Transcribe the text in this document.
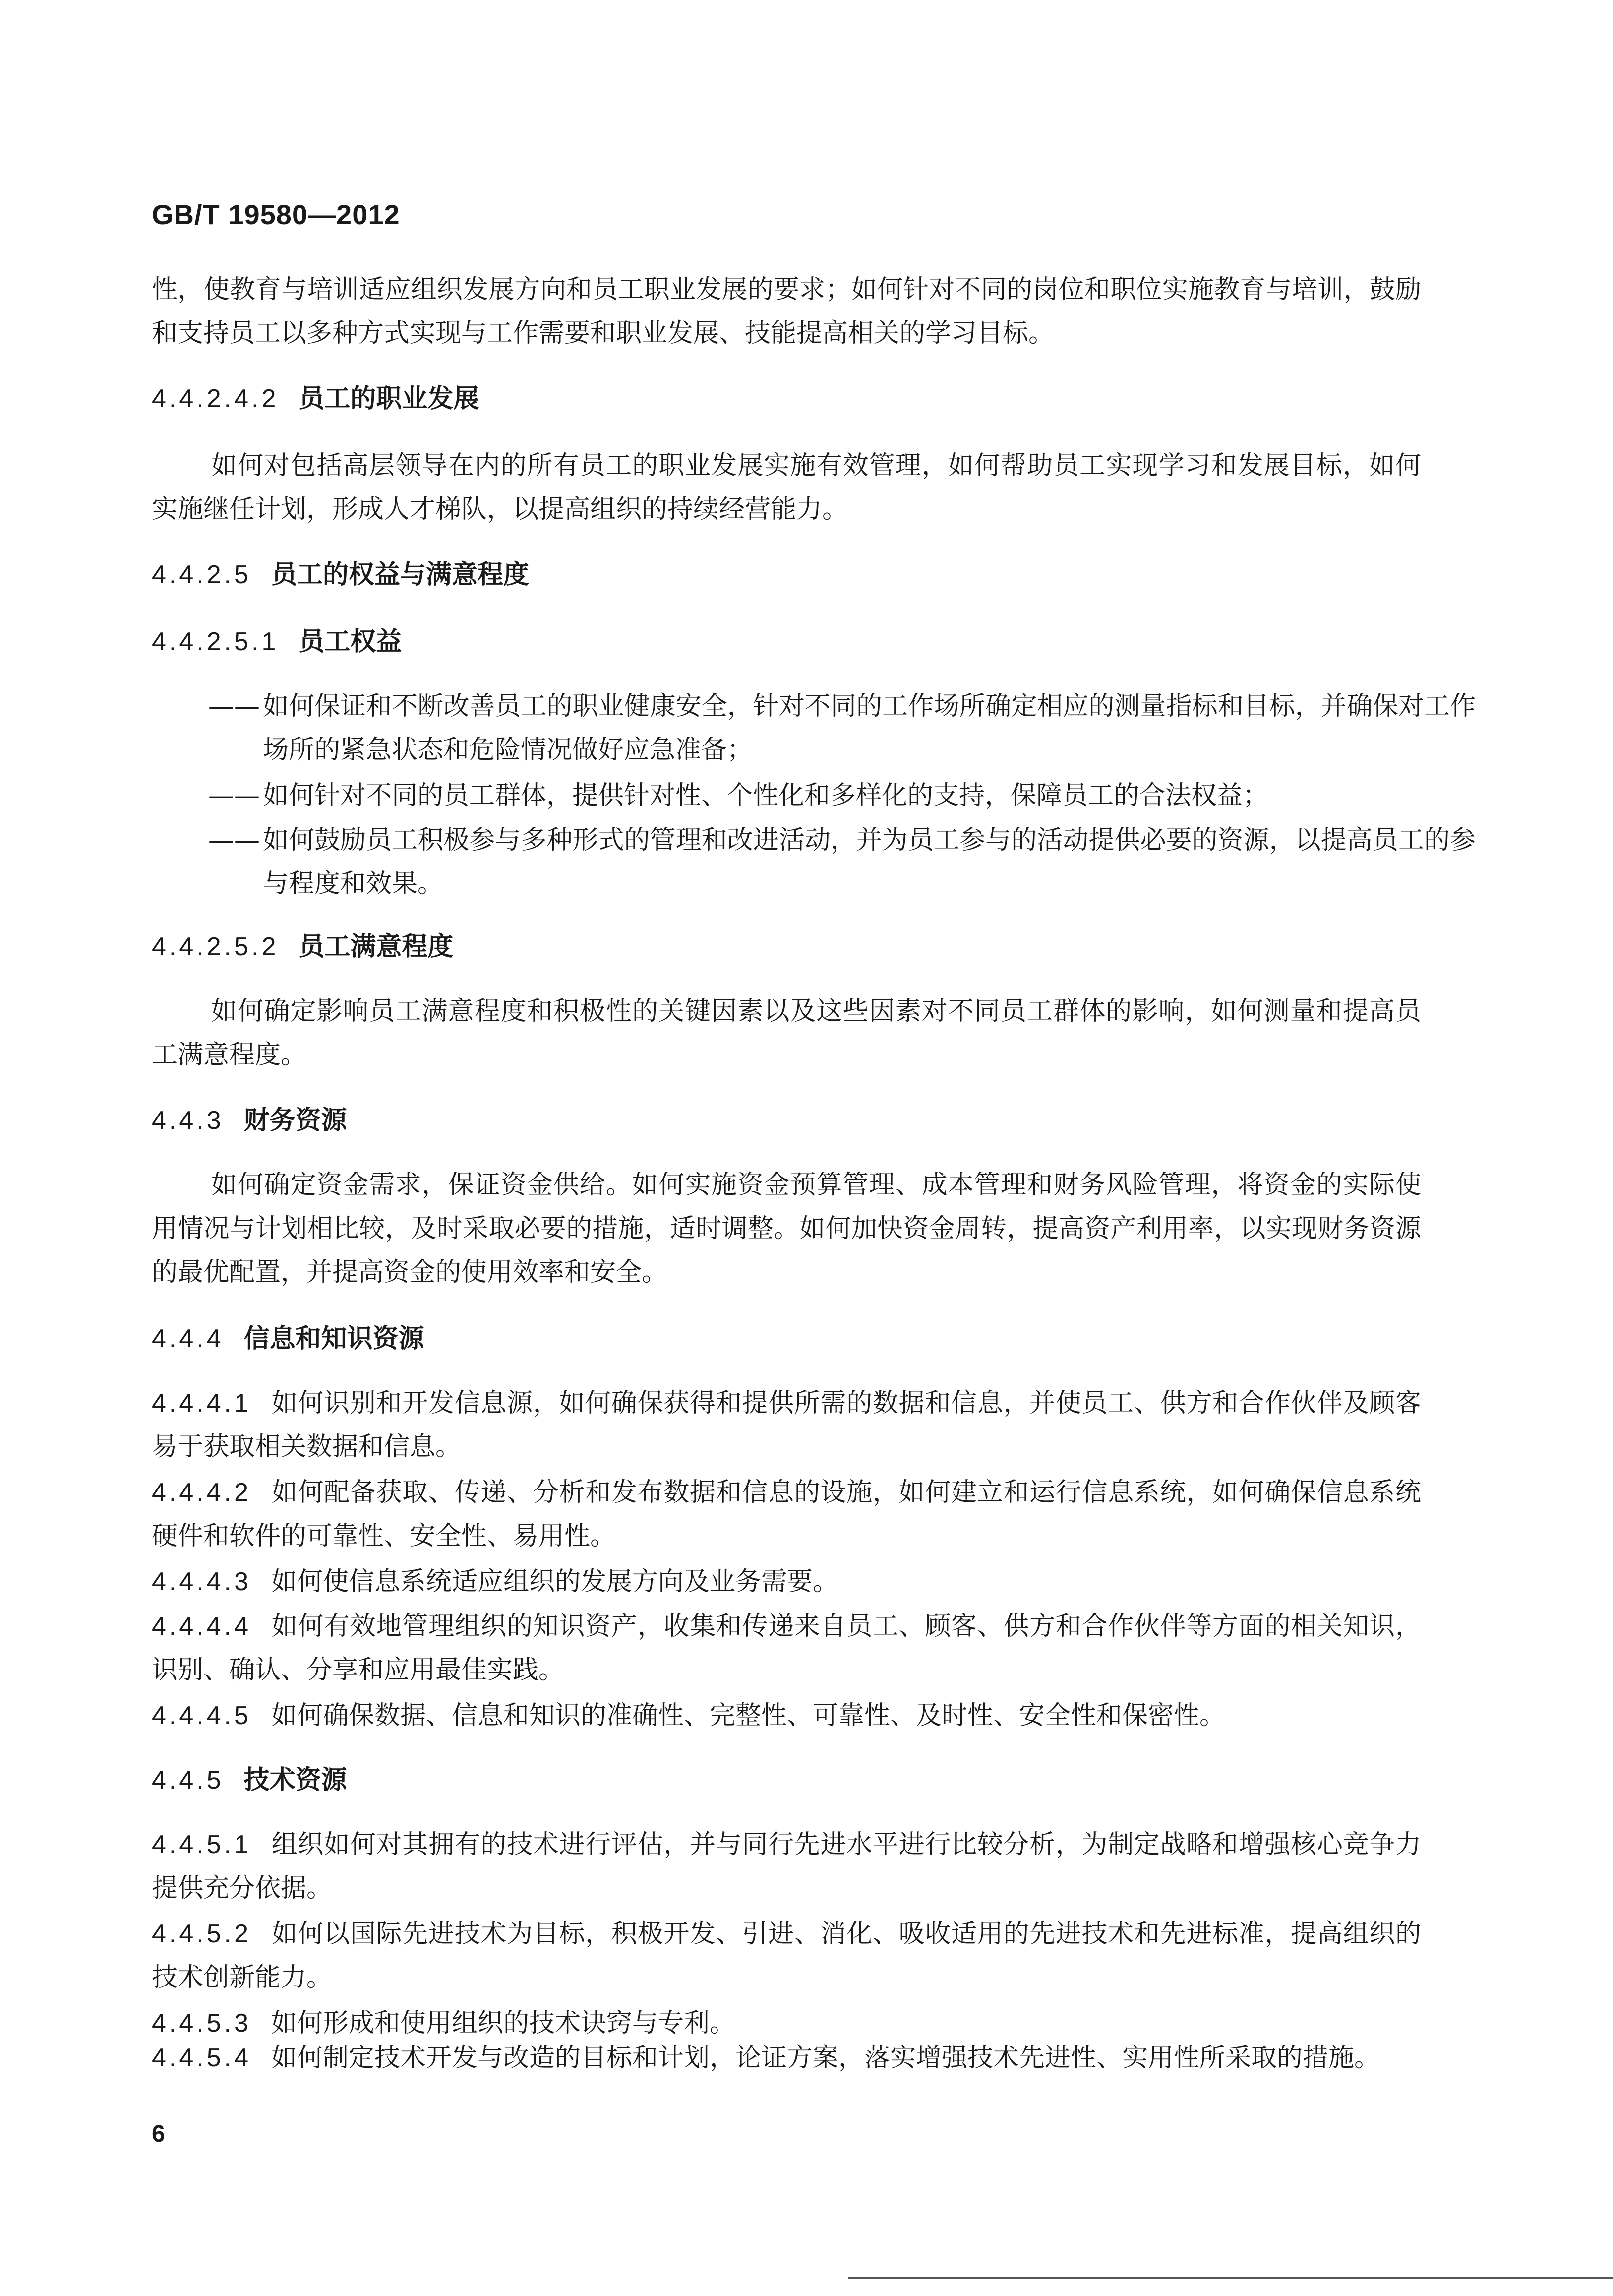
GB/T 19580—2012
性，使教育与培训适应组织发展方向和员工职业发展的要求；如何针对不同的岗位和职位实施教育与培训，鼓励和支持员工以多种方式实现与工作需要和职业发展、技能提高相关的学习目标。
4.4.2.4.2 员工的职业发展
如何对包括高层领导在内的所有员工的职业发展实施有效管理，如何帮助员工实现学习和发展目标，如何实施继任计划，形成人才梯队，以提高组织的持续经营能力。
4.4.2.5 员工的权益与满意程度
4.4.2.5.1 员工权益
—— 如何保证和不断改善员工的职业健康安全，针对不同的工作场所确定相应的测量指标和目标，并确保对工作场所的紧急状态和危险情况做好应急准备；
—— 如何针对不同的员工群体，提供针对性、个性化和多样化的支持，保障员工的合法权益；
—— 如何鼓励员工积极参与多种形式的管理和改进活动，并为员工参与的活动提供必要的资源，以提高员工的参与程度和效果。
4.4.2.5.2 员工满意程度
如何确定影响员工满意程度和积极性的关键因素以及这些因素对不同员工群体的影响，如何测量和提高员工满意程度。
4.4.3 财务资源
如何确定资金需求，保证资金供给。如何实施资金预算管理、成本管理和财务风险管理，将资金的实际使用情况与计划相比较，及时采取必要的措施，适时调整。如何加快资金周转，提高资产利用率，以实现财务资源的最优配置，并提高资金的使用效率和安全。
4.4.4 信息和知识资源
4.4.4.1 如何识别和开发信息源，如何确保获得和提供所需的数据和信息，并使员工、供方和合作伙伴及顾客易于获取相关数据和信息。
4.4.4.2 如何配备获取、传递、分析和发布数据和信息的设施，如何建立和运行信息系统，如何确保信息系统硬件和软件的可靠性、安全性、易用性。
4.4.4.3 如何使信息系统适应组织的发展方向及业务需要。
4.4.4.4 如何有效地管理组织的知识资产，收集和传递来自员工、顾客、供方和合作伙伴等方面的相关知识，识别、确认、分享和应用最佳实践。
4.4.4.5 如何确保数据、信息和知识的准确性、完整性、可靠性、及时性、安全性和保密性。
4.4.5 技术资源
4.4.5.1 组织如何对其拥有的技术进行评估，并与同行先进水平进行比较分析，为制定战略和增强核心竞争力提供充分依据。
4.4.5.2 如何以国际先进技术为目标，积极开发、引进、消化、吸收适用的先进技术和先进标准，提高组织的技术创新能力。
4.4.5.3 如何形成和使用组织的技术诀窍与专利。
4.4.5.4 如何制定技术开发与改造的目标和计划，论证方案，落实增强技术先进性、实用性所采取的措施。
6
